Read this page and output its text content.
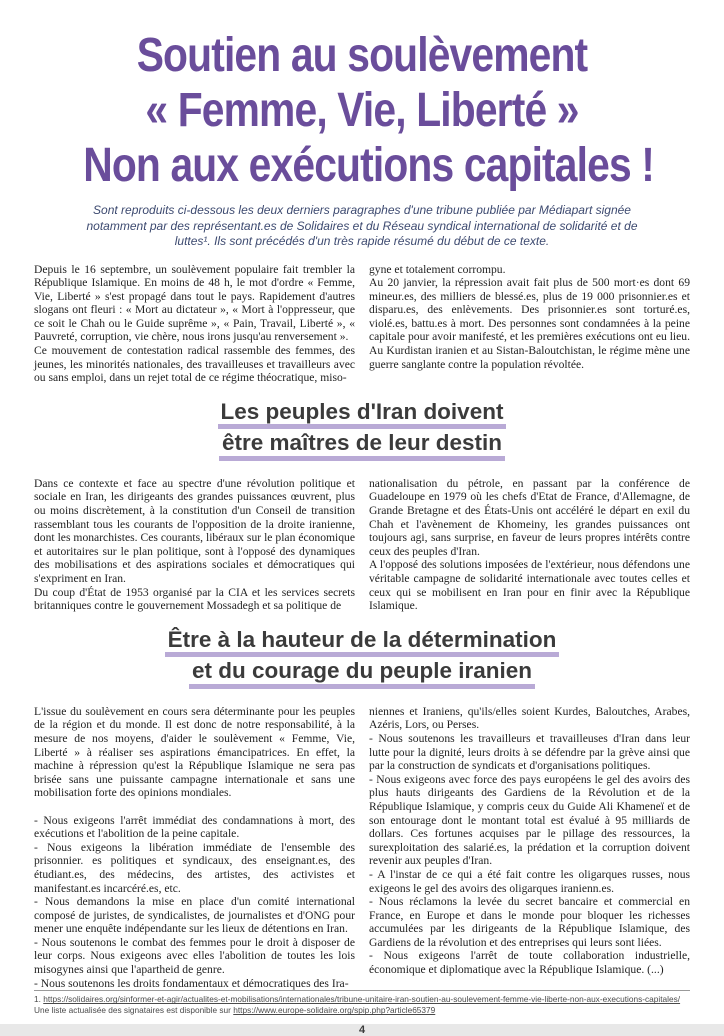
Soutien au soulèvement
« Femme, Vie, Liberté »
Non aux exécutions capitales !

Sont reproduits ci-dessous les deux derniers paragraphes d'une tribune publiée par Médiapart signée notamment par des représentant.es de Solidaires et du Réseau syndical international de solidarité et de luttes¹. Ils sont précédés d'un très rapide résumé du début de ce texte.

Depuis le 16 septembre, un soulèvement populaire fait trembler la République Islamique. En moins de 48 h, le mot d'ordre « Femme, Vie, Liberté » s'est propagé dans tout le pays. Rapidement d'autres slogans ont fleuri : « Mort au dictateur », « Mort à l'oppresseur, que ce soit le Chah ou le Guide suprême », « Pain, Travail, Liberté », « Pauvreté, corruption, vie chère, nous irons jusqu'au renversement ».

Ce mouvement de contestation radical rassemble des femmes, des jeunes, les minorités nationales, des travailleuses et travailleurs avec ou sans emploi, dans un rejet total de ce régime théocratique, miso-

gyne et totalement corrompu.

Au 20 janvier, la répression avait fait plus de 500 mort·es dont 69 mineur.es, des milliers de blessé.es, plus de 19 000 prisonnier.es et disparu.es, des enlèvements. Des prisonnier.es sont torturé.es, violé.es, battu.es à mort. Des personnes sont condamnées à la peine capitale pour avoir manifesté, et les premières exécutions ont eu lieu. Au Kurdistan iranien et au Sistan-Baloutchistan, le régime mène une guerre sanglante contre la population révoltée.

Les peuples d'Iran doivent
être maîtres de leur destin

Dans ce contexte et face au spectre d'une révolution politique et sociale en Iran, les dirigeants des grandes puissances œuvrent, plus ou moins discrètement, à la constitution d'un Conseil de transition rassemblant tous les courants de l'opposition de la droite iranienne, dont les monarchistes. Ces courants, libéraux sur le plan économique et autoritaires sur le plan politique, sont à l'opposé des dynamiques des mobilisations et des aspirations sociales et démocratiques qui s'expriment en Iran.

Du coup d'État de 1953 organisé par la CIA et les services secrets britanniques contre le gouvernement Mossadegh et sa politique de

nationalisation du pétrole, en passant par la conférence de Guadeloupe en 1979 où les chefs d'Etat de France, d'Allemagne, de Grande Bretagne et des États-Unis ont accéléré le départ en exil du Chah et l'avènement de Khomeiny, les grandes puissances ont toujours agi, sans surprise, en faveur de leurs propres intérêts contre ceux des peuples d'Iran.

A l'opposé des solutions imposées de l'extérieur, nous défendons une véritable campagne de solidarité internationale avec toutes celles et ceux qui se mobilisent en Iran pour en finir avec la République Islamique.

Être à la hauteur de la détermination
et du courage du peuple iranien

L'issue du soulèvement en cours sera déterminante pour les peuples de la région et du monde. Il est donc de notre responsabilité, à la mesure de nos moyens, d'aider le soulèvement « Femme, Vie, Liberté » à réaliser ses aspirations émancipatrices. En effet, la machine à répression qu'est la République Islamique ne sera pas brisée sans une puissante campagne internationale et sans une mobilisation forte des opinions mondiales.

- Nous exigeons l'arrêt immédiat des condamnations à mort, des exécutions et l'abolition de la peine capitale.

- Nous exigeons la libération immédiate de l'ensemble des prisonnier. es politiques et syndicaux, des enseignant.es, des étudiant.es, des médecins, des artistes, des activistes et manifestant.es incarcéré.es, etc.

- Nous demandons la mise en place d'un comité international composé de juristes, de syndicalistes, de journalistes et d'ONG pour mener une enquête indépendante sur les lieux de détentions en Iran.

- Nous soutenons le combat des femmes pour le droit à disposer de leur corps. Nous exigeons avec elles l'abolition de toutes les lois misogynes ainsi que l'apartheid de genre.

- Nous soutenons les droits fondamentaux et démocratiques des Ira-

niennes et Iraniens, qu'ils/elles soient Kurdes, Baloutches, Arabes, Azéris, Lors, ou Perses.

- Nous soutenons les travailleurs et travailleuses d'Iran dans leur lutte pour la dignité, leurs droits à se défendre par la grève ainsi que par la construction de syndicats et d'organisations politiques.

- Nous exigeons avec force des pays européens le gel des avoirs des plus hauts dirigeants des Gardiens de la Révolution et de la République Islamique, y compris ceux du Guide Ali Khameneï et de son entourage dont le montant total est évalué à 95 milliards de dollars. Ces fortunes acquises par le pillage des ressources, la surexploitation des salarié.es, la prédation et la corruption doivent revenir aux peuples d'Iran.

- A l'instar de ce qui a été fait contre les oligarques russes, nous exigeons le gel des avoirs des oligarques iranienn.es.

- Nous réclamons la levée du secret bancaire et commercial en France, en Europe et dans le monde pour bloquer les richesses accumulées par les dirigeants de la République Islamique, des Gardiens de la révolution et des entreprises qui leurs sont liées.

- Nous exigeons l'arrêt de toute collaboration industrielle, économique et diplomatique avec la République Islamique. (...)

1. https://solidaires.org/sinformer-et-agir/actualites-et-mobilisations/internationales/tribune-unitaire-iran-soutien-au-soulevement-femme-vie-liberte-non-aux-executions-capitales/
Une liste actualisée des signataires est disponible sur https://www.europe-solidaire.org/spip.php?article65379
4
